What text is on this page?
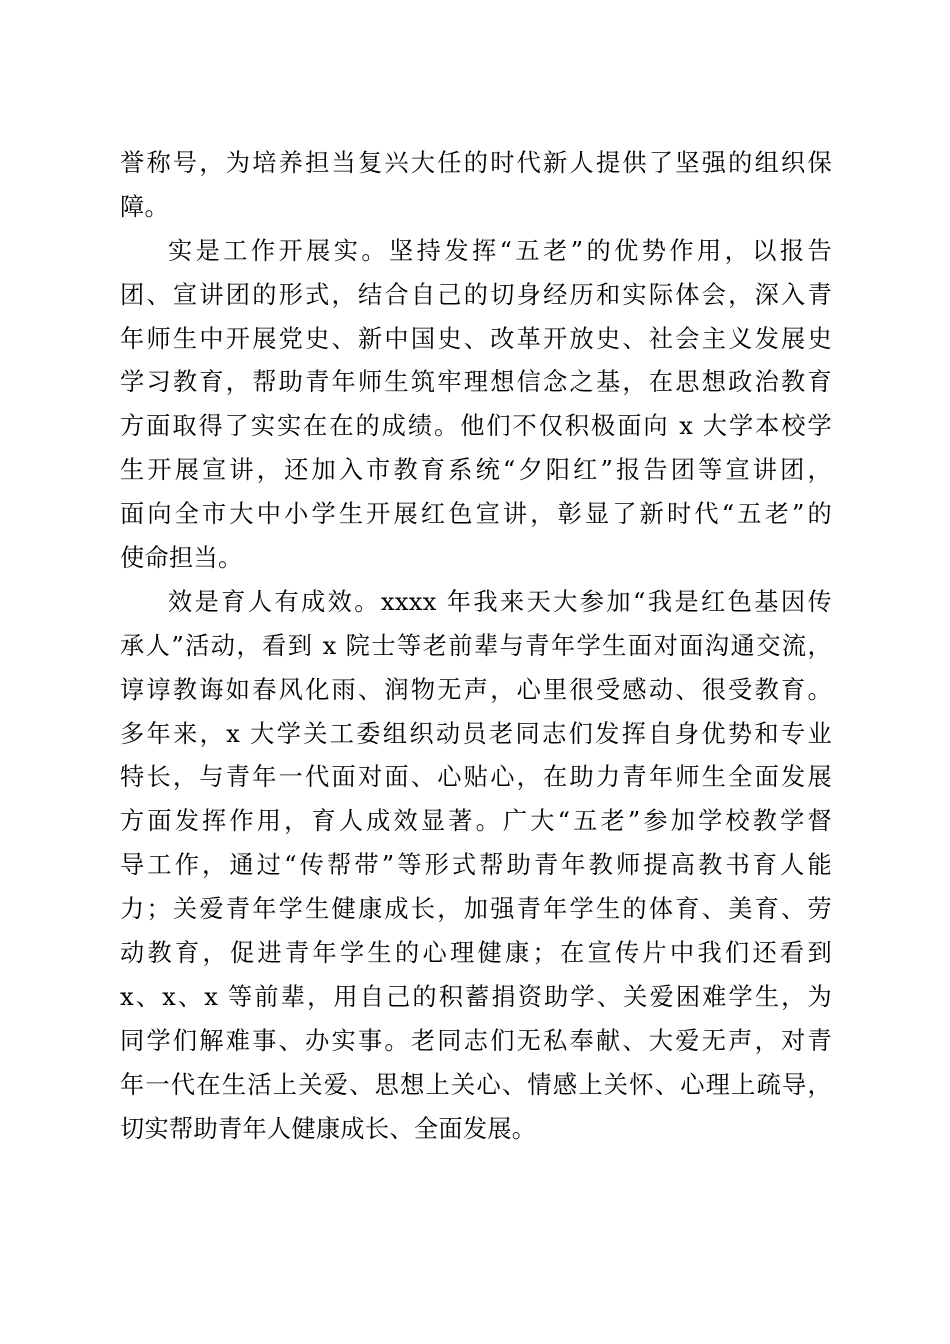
誉称号，为培养担当复兴大任的时代新人提供了坚强的组织保
障。
实是工作开展实。坚持发挥“五老”的优势作用，以报告
团、宣讲团的形式，结合自己的切身经历和实际体会，深入青
年师生中开展党史、新中国史、改革开放史、社会主义发展史
学习教育，帮助青年师生筑牢理想信念之基，在思想政治教育
方面取得了实实在在的成绩。他们不仅积极面向 x 大学本校学
生开展宣讲，还加入市教育系统“夕阳红”报告团等宣讲团，
面向全市大中小学生开展红色宣讲，彰显了新时代“五老”的
使命担当。
效是育人有成效。xxxx 年我来天大参加“我是红色基因传
承人”活动，看到 x 院士等老前辈与青年学生面对面沟通交流，
谆谆教诲如春风化雨、润物无声，心里很受感动、很受教育。
多年来，x 大学关工委组织动员老同志们发挥自身优势和专业
特长，与青年一代面对面、心贴心，在助力青年师生全面发展
方面发挥作用，育人成效显著。广大“五老”参加学校教学督
导工作，通过“传帮带”等形式帮助青年教师提高教书育人能
力；关爱青年学生健康成长，加强青年学生的体育、美育、劳
动教育，促进青年学生的心理健康；在宣传片中我们还看到
x、x、x 等前辈，用自己的积蓄捐资助学、关爱困难学生，为
同学们解难事、办实事。老同志们无私奉献、大爱无声，对青
年一代在生活上关爱、思想上关心、情感上关怀、心理上疏导，
切实帮助青年人健康成长、全面发展。
